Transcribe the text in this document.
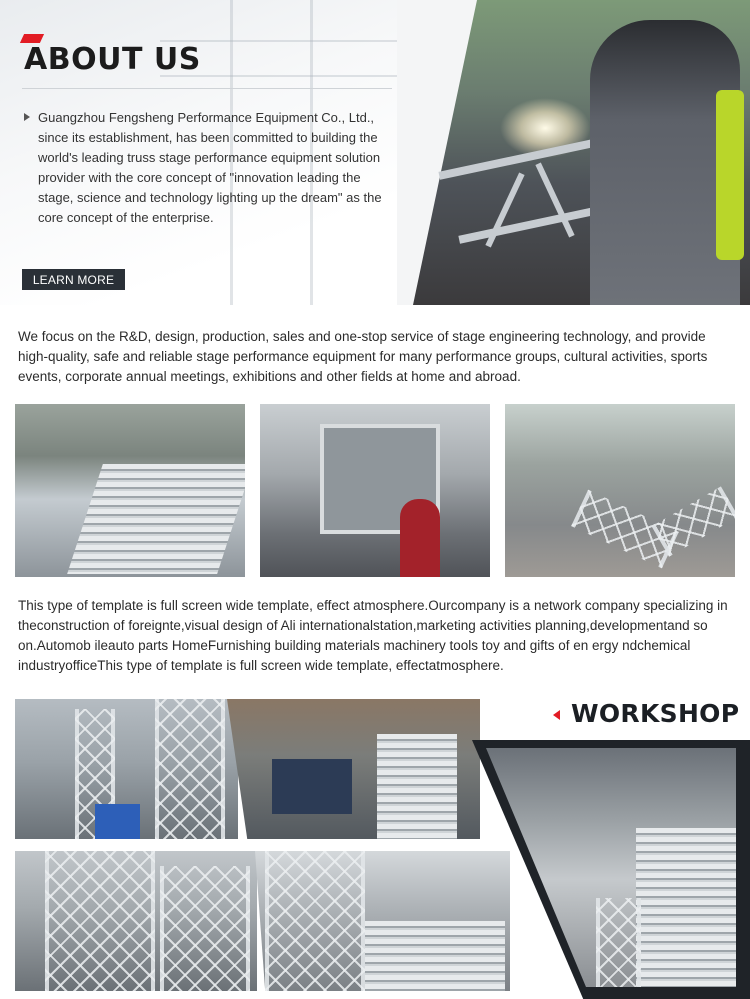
ABOUT US

Guangzhou Fengsheng Performance Equipment Co., Ltd., since its establishment, has been committed to building the world's leading truss stage performance equipment solution provider with the core concept of "innovation leading the stage, science and technology lighting up the dream" as the core concept of the enterprise.

LEARN MORE

We focus on the R&D, design, production, sales and one-stop service of stage engineering technology, and provide high-quality, safe and reliable stage performance equipment for many performance groups, cultural activities, sports events, corporate annual meetings, exhibitions and other fields at home and abroad.

This type of template is full screen wide template, effect atmosphere.Ourcompany is a network company specializing in theconstruction of foreignte,visual design of Ali internationalstation,marketing activities planning,developmentand so on.Automob ileauto parts HomeFurnishing building materials machinery tools toy and gifts of en ergy ndchemical industryofficeThis type of template is full screen wide template, effectatmosphere.

WORKSHOP
